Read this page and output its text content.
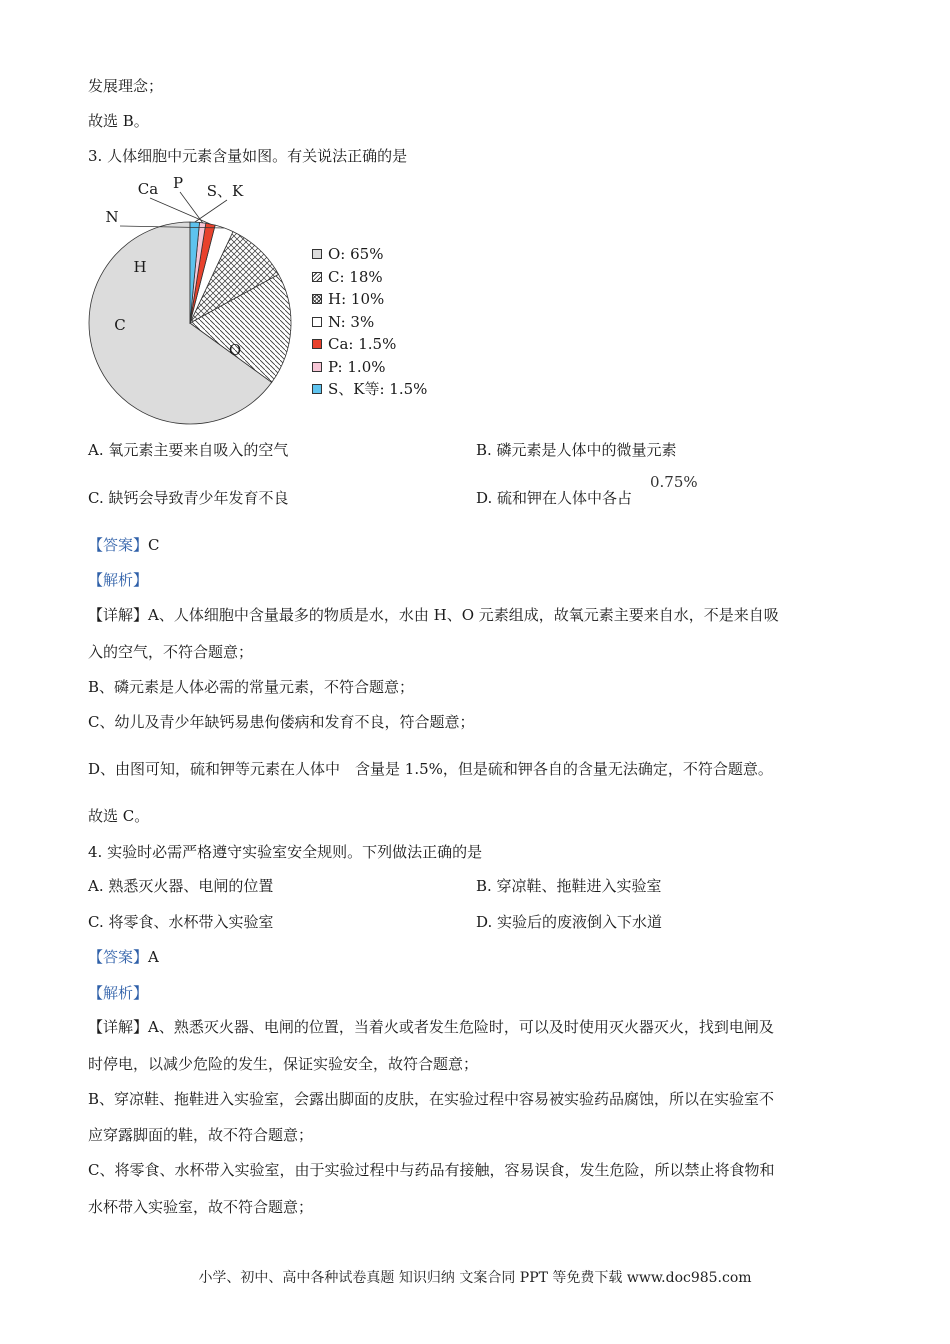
发展理念；
故选 B。
3. 人体细胞中元素含量如图。有关说法正确的是
O
C
H
N
Ca P S、K
O: 65%
C: 18%
H: 10%
N: 3%
Ca: 1.5%
P: 1.0%
S、K等: 1.5%
A. 氧元素主要来自吸入的空气	B. 磷元素是人体中的微量元素
C. 缺钙会导致青少年发育不良	D. 硫和钾在人体中各占
0.75%
【答案】C
【解析】
【详解】A、人体细胞中含量最多的物质是水，水由 H、O 元素组成，故氧元素主要来自水，不是来自吸
入的空气，不符合题意；
B、磷元素是人体必需的常量元素，不符合题意；
C、幼儿及青少年缺钙易患佝偻病和发育不良，符合题意；
D、由图可知，硫和钾等元素在人体中　含量是 1.5%，但是硫和钾各自的含量无法确定，不符合题意。
故选 C。
4. 实验时必需严格遵守实验室安全规则。下列做法正确的是
A. 熟悉灭火器、电闸的位置	B. 穿凉鞋、拖鞋进入实验室
C. 将零食、水杯带入实验室	D. 实验后的废液倒入下水道
【答案】A
【解析】
【详解】A、熟悉灭火器、电闸的位置，当着火或者发生危险时，可以及时使用灭火器灭火，找到电闸及
时停电，以减少危险的发生，保证实验安全，故符合题意；
B、穿凉鞋、拖鞋进入实验室，会露出脚面的皮肤，在实验过程中容易被实验药品腐蚀，所以在实验室不
应穿露脚面的鞋，故不符合题意；
C、将零食、水杯带入实验室，由于实验过程中与药品有接触，容易误食，发生危险，所以禁止将食物和
水杯带入实验室，故不符合题意；
小学、初中、高中各种试卷真题 知识归纳 文案合同 PPT 等免费下载 www.doc985.com
